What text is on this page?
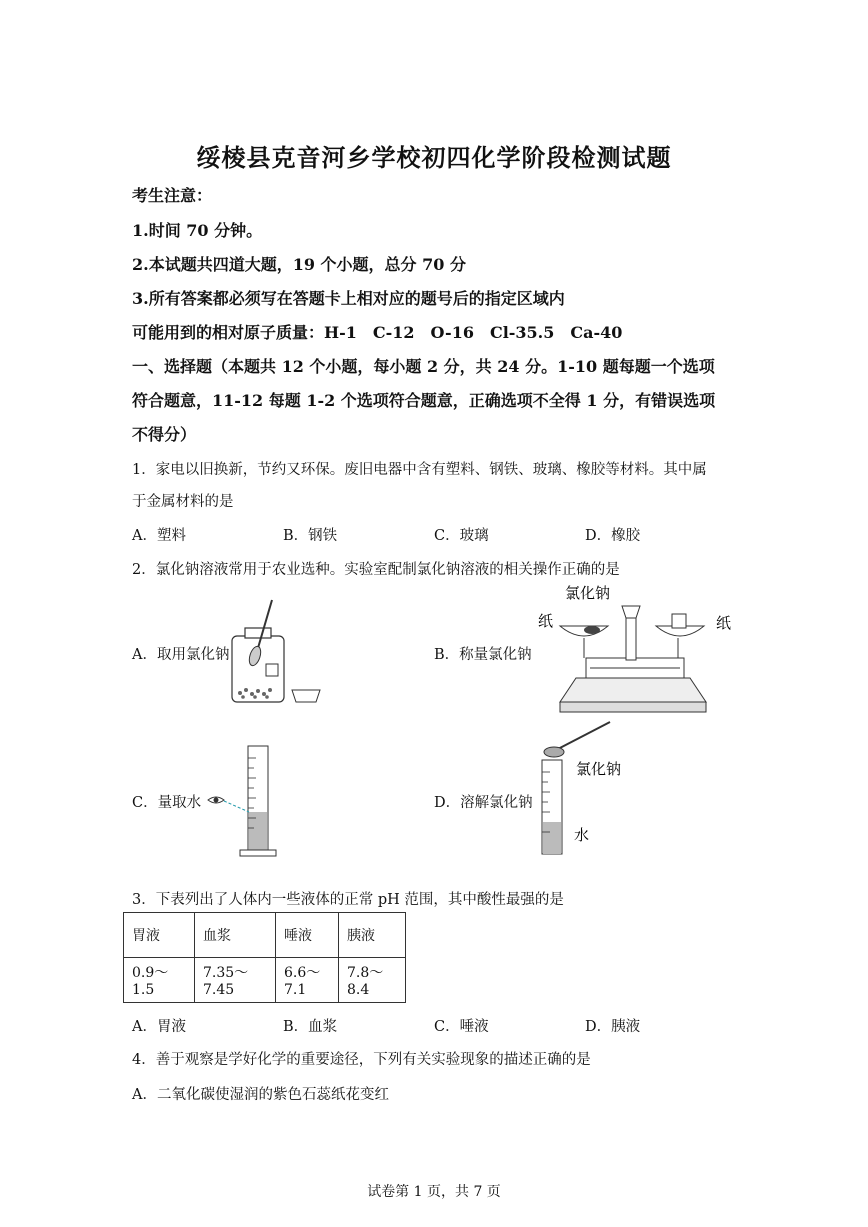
绥棱县克音河乡学校初四化学阶段检测试题
考生注意：
1.时间 70 分钟。
2.本试题共四道大题，19 个小题，总分 70 分
3.所有答案都必须写在答题卡上相对应的题号后的指定区域内
可能用到的相对原子质量：H-1　C-12　O-16　Cl-35.5　Ca-40
一、选择题（本题共 12 个小题，每小题 2 分，共 24 分。1-10 题每题一个选项
符合题意，11-12 每题 1-2 个选项符合题意，正确选项不全得 1 分，有错误选项
不得分）
1．家电以旧换新，节约又环保。废旧电器中含有塑料、钢铁、玻璃、橡胶等材料。其中属
于金属材料的是
A．塑料	B．钢铁	C．玻璃	D．橡胶
2．氯化钠溶液常用于农业选种。实验室配制氯化钠溶液的相关操作正确的是
A．取用氯化钠	B．称量氯化钠
C．量取水	D．溶解氯化钠
氯化钠
纸	纸
氯化钠
水
3．下表列出了人体内一些液体的正常 pH 范围，其中酸性最强的是
胃液	血浆	唾液	胰液
0.9～1.5	7.35～7.45	6.6～7.1	7.8～8.4
A．胃液	B．血浆	C．唾液	D．胰液
4．善于观察是学好化学的重要途径，下列有关实验现象的描述正确的是
A．二氧化碳使湿润的紫色石蕊纸花变红
试卷第 1 页，共 7 页
